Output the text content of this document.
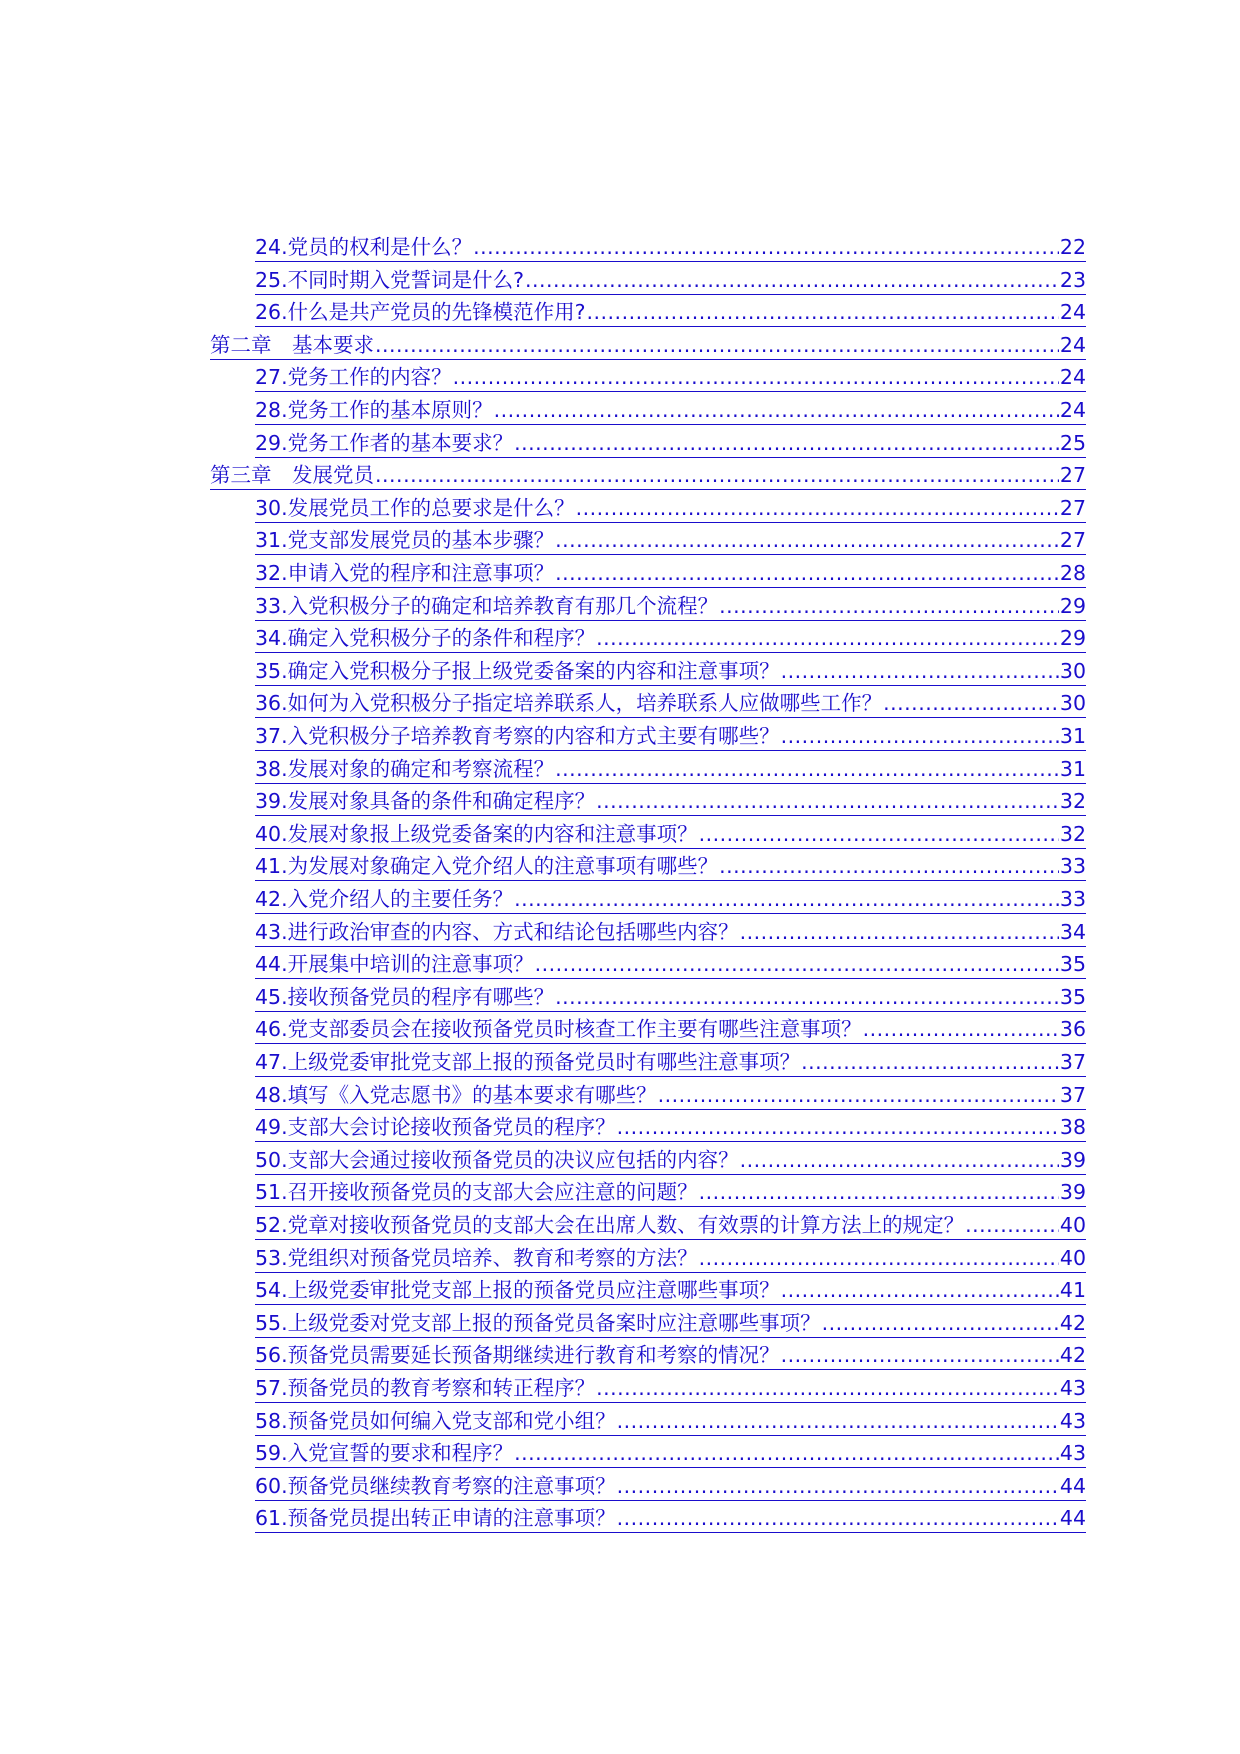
24.党员的权利是什么？ .....	22
25.不同时期入党誓词是什么? .....	23
26.什么是共产党员的先锋模范作用? .....	24
第二章　基本要求 .....	24
27.党务工作的内容？ .....	24
28.党务工作的基本原则？ .....	24
29.党务工作者的基本要求？ .....	25
第三章　发展党员 .....	27
30.发展党员工作的总要求是什么？ .....	27
31.党支部发展党员的基本步骤？ .....	27
32.申请入党的程序和注意事项？ .....	28
33.入党积极分子的确定和培养教育有那几个流程？ .....	29
34.确定入党积极分子的条件和程序？ .....	29
35.确定入党积极分子报上级党委备案的内容和注意事项？ .....	30
36.如何为入党积极分子指定培养联系人，培养联系人应做哪些工作？ .....	30
37.入党积极分子培养教育考察的内容和方式主要有哪些？ .....	31
38.发展对象的确定和考察流程？ .....	31
39.发展对象具备的条件和确定程序？ .....	32
40.发展对象报上级党委备案的内容和注意事项？ .....	32
41.为发展对象确定入党介绍人的注意事项有哪些？ .....	33
42.入党介绍人的主要任务？ .....	33
43.进行政治审查的内容、方式和结论包括哪些内容？ .....	34
44.开展集中培训的注意事项？ .....	35
45.接收预备党员的程序有哪些？ .....	35
46.党支部委员会在接收预备党员时核查工作主要有哪些注意事项？ .....	36
47.上级党委审批党支部上报的预备党员时有哪些注意事项？ .....	37
48.填写《入党志愿书》的基本要求有哪些？ .....	37
49.支部大会讨论接收预备党员的程序？ .....	38
50.支部大会通过接收预备党员的决议应包括的内容？ .....	39
51.召开接收预备党员的支部大会应注意的问题？ .....	39
52.党章对接收预备党员的支部大会在出席人数、有效票的计算方法上的规定？ .....	40
53.党组织对预备党员培养、教育和考察的方法？ .....	40
54.上级党委审批党支部上报的预备党员应注意哪些事项？ .....	41
55.上级党委对党支部上报的预备党员备案时应注意哪些事项？ .....	42
56.预备党员需要延长预备期继续进行教育和考察的情况？ .....	42
57.预备党员的教育考察和转正程序？ .....	43
58.预备党员如何编入党支部和党小组？ .....	43
59.入党宣誓的要求和程序？ .....	43
60.预备党员继续教育考察的注意事项？ .....	44
61.预备党员提出转正申请的注意事项？ .....	44
